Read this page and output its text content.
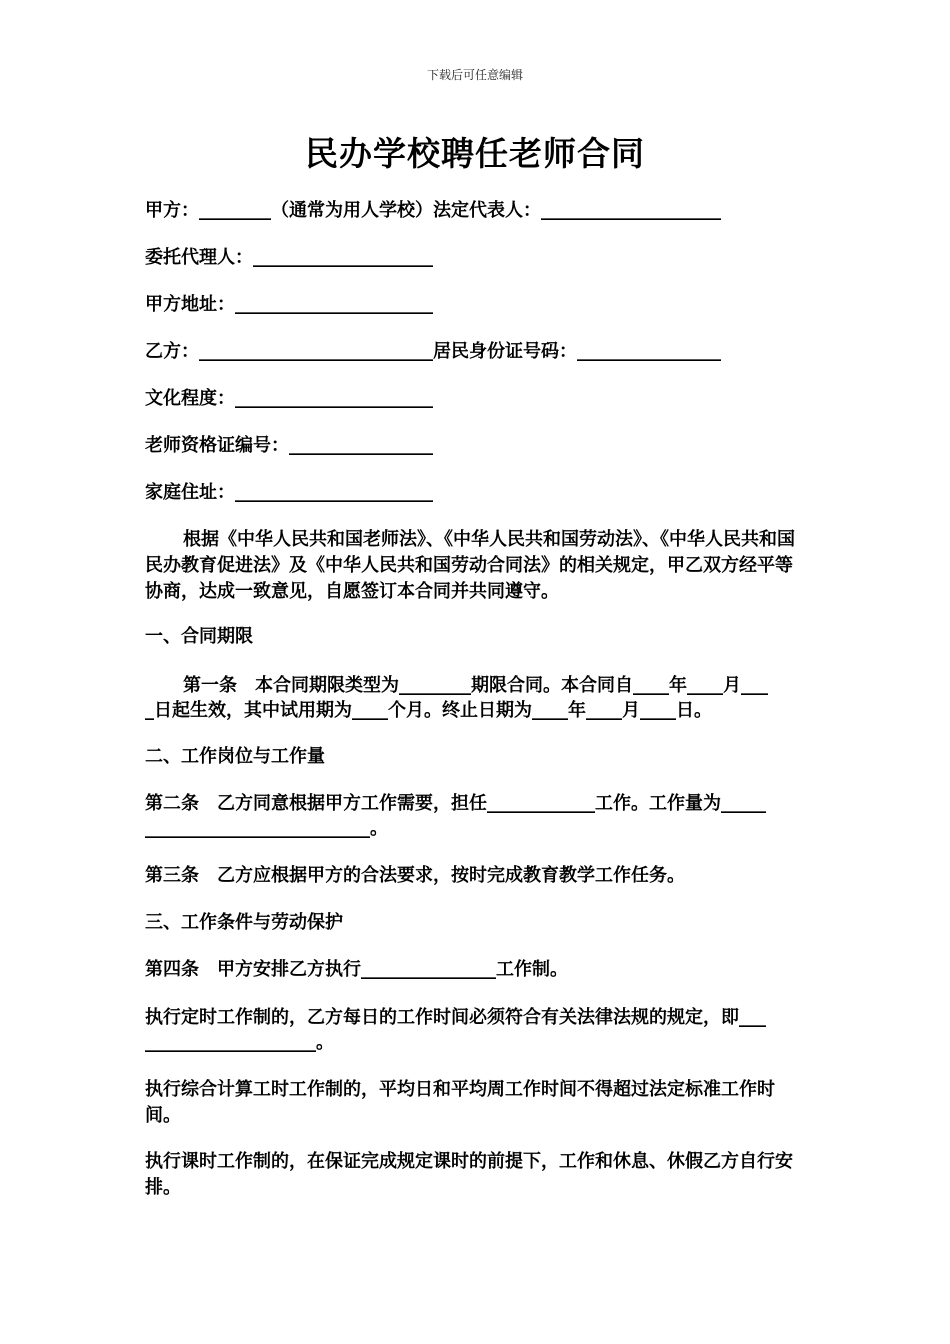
下载后可任意编辑
民办学校聘任老师合同
甲方：________（通常为用人学校）法定代表人：____________________
委托代理人：____________________
甲方地址：______________________
乙方：__________________________居民身份证号码：________________
文化程度：______________________
老师资格证编号：________________
家庭住址：______________________
根据《中华人民共和国老师法》、《中华人民共和国劳动法》、《中华人民共和国民办教育促进法》及《中华人民共和国劳动合同法》的相关规定，甲乙双方经平等协商，达成一致意见，自愿签订本合同并共同遵守。
一、合同期限
第一条　本合同期限类型为________期限合同。本合同自____年____月___
_日起生效，其中试用期为____个月。终止日期为____年____月____日。
二、工作岗位与工作量
第二条　乙方同意根据甲方工作需要，担任____________工作。工作量为_____
_________________________。
第三条　乙方应根据甲方的合法要求，按时完成教育教学工作任务。
三、工作条件与劳动保护
第四条　甲方安排乙方执行_______________工作制。
执行定时工作制的，乙方每日的工作时间必须符合有关法律法规的规定，即___
___________________。
执行综合计算工时工作制的，平均日和平均周工作时间不得超过法定标准工作时间。
执行课时工作制的，在保证完成规定课时的前提下，工作和休息、休假乙方自行安排。
